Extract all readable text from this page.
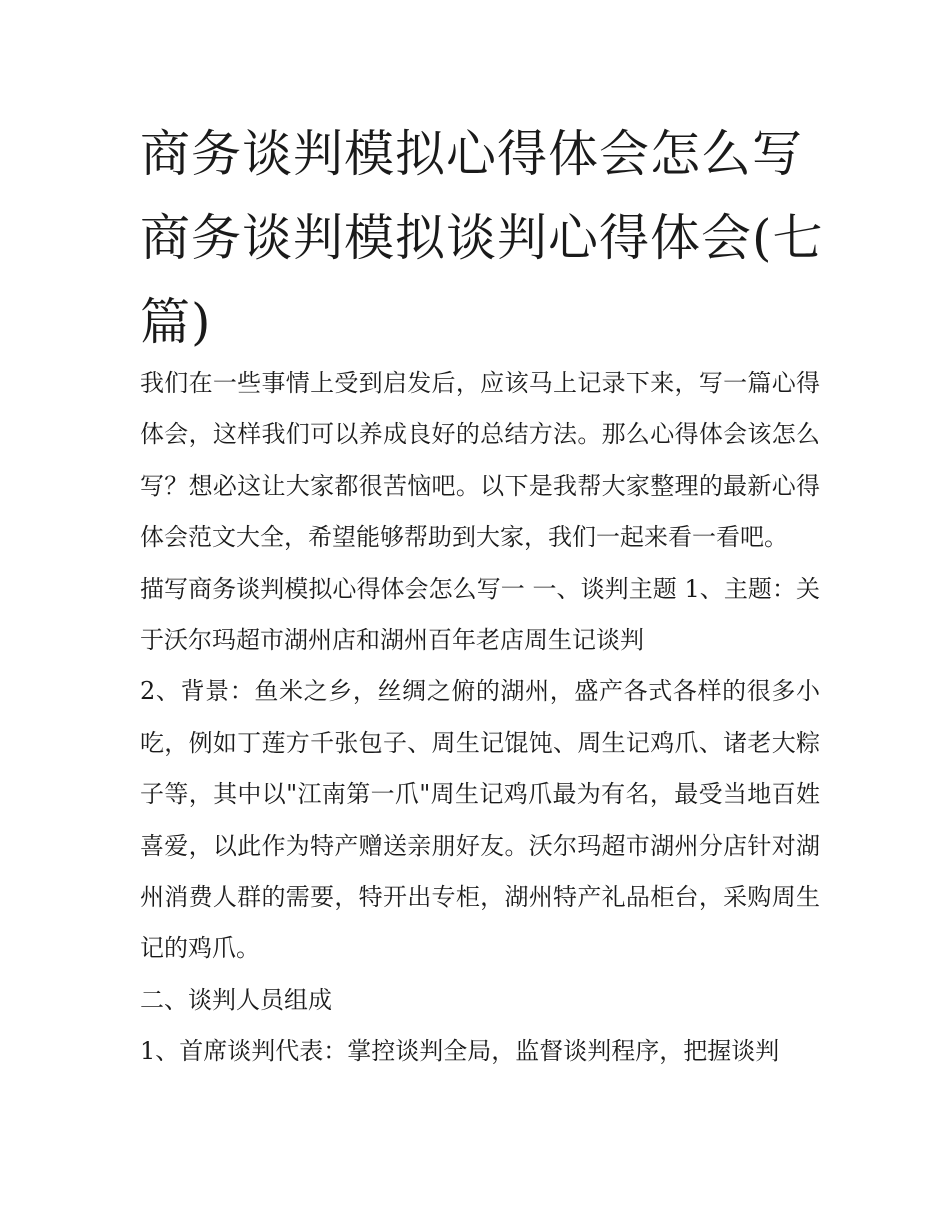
商务谈判模拟心得体会怎么写 商务谈判模拟谈判心得体会(七篇)

我们在一些事情上受到启发后，应该马上记录下来，写一篇心得体会，这样我们可以养成良好的总结方法。那么心得体会该怎么写？想必这让大家都很苦恼吧。以下是我帮大家整理的最新心得体会范文大全，希望能够帮助到大家，我们一起来看一看吧。

描写商务谈判模拟心得体会怎么写一 一、谈判主题 1、主题：关于沃尔玛超市湖州店和湖州百年老店周生记谈判

2、背景：鱼米之乡，丝绸之俯的湖州，盛产各式各样的很多小吃，例如丁莲方千张包子、周生记馄饨、周生记鸡爪、诸老大粽子等，其中以"江南第一爪"周生记鸡爪最为有名，最受当地百姓喜爱，以此作为特产赠送亲朋好友。沃尔玛超市湖州分店针对湖州消费人群的需要，特开出专柜，湖州特产礼品柜台，采购周生记的鸡爪。

二、谈判人员组成

1、首席谈判代表：掌控谈判全局，监督谈判程序，把握谈判
